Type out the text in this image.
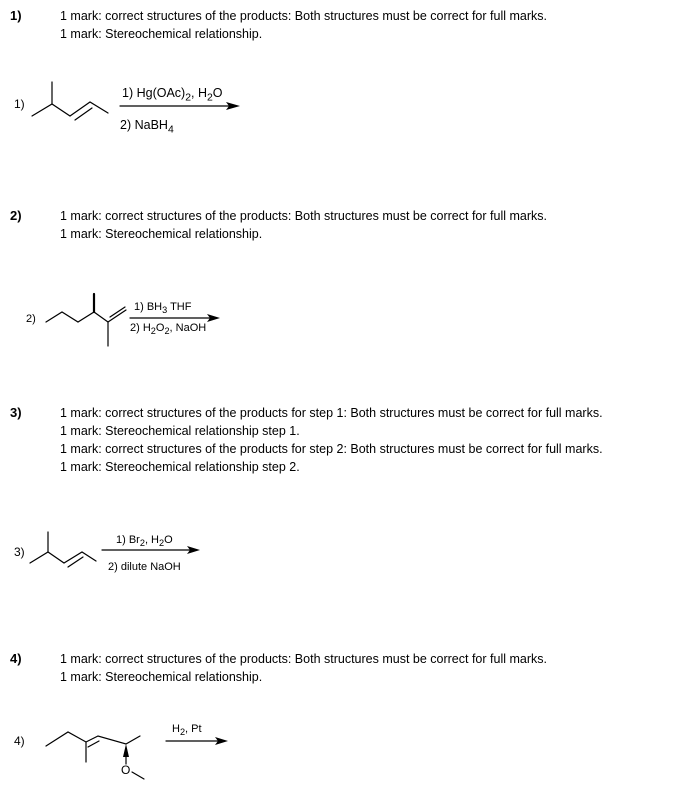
1)	1 mark: correct structures of the products: Both structures must be correct for full marks.
1 mark: Stereochemical relationship.
1)
1) $Hg(OAc)_2$, $H_2O$
2) NaBH$_4$
2)	1 mark: correct structures of the products: Both structures must be correct for full marks.
1 mark: Stereochemical relationship.
2)
1) $BH_3$ THF
2) $H_2O_2$, NaOH
3)	1 mark: correct structures of the products for step 1: Both structures must be correct for full marks.
1 mark: Stereochemical relationship step 1.
1 mark: correct structures of the products for step 2: Both structures must be correct for full marks.
1 mark: Stereochemical relationship step 2.
3)
1) $Br_2$, $H_2O$
2) dilute NaOH
4)	1 mark: correct structures of the products: Both structures must be correct for full marks.
1 mark: Stereochemical relationship.
4)
O
$H_2$, Pt
